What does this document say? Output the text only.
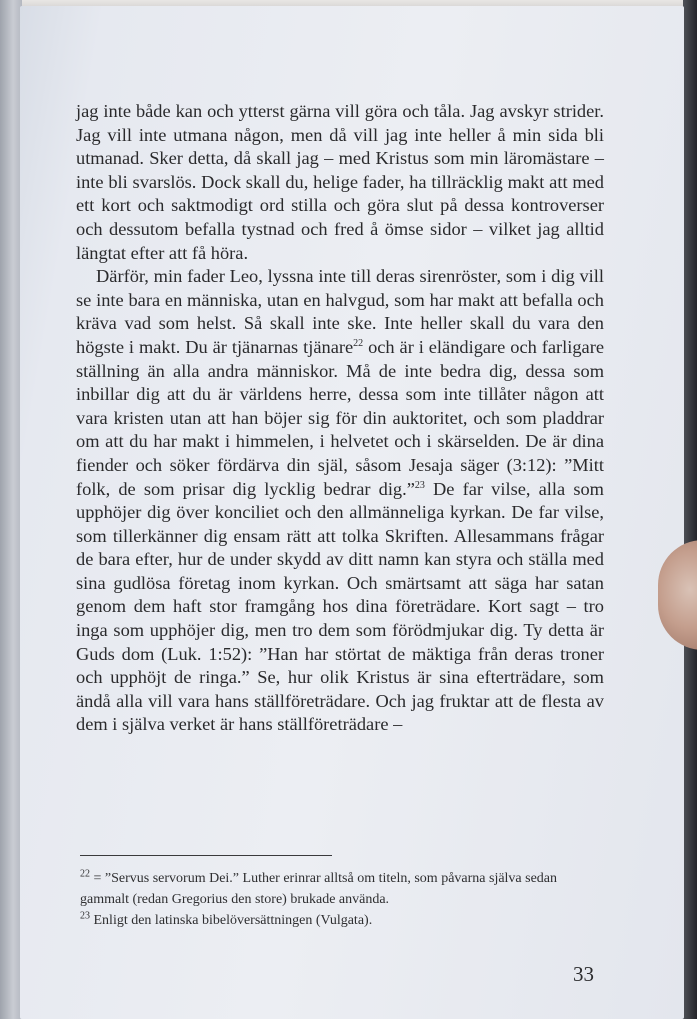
jag inte både kan och ytterst gärna vill göra och tåla. Jag avskyr strider. Jag vill inte utmana någon, men då vill jag inte heller å min sida bli utmanad. Sker detta, då skall jag – med Kristus som min läromästare – inte bli svarslös. Dock skall du, helige fader, ha tillräcklig makt att med ett kort och saktmodigt ord stilla och göra slut på dessa kontroverser och dessutom befalla tystnad och fred å ömse sidor – vilket jag alltid längtat efter att få höra.

Därför, min fader Leo, lyssna inte till deras sirenröster, som i dig vill se inte bara en människa, utan en halvgud, som har makt att befalla och kräva vad som helst. Så skall inte ske. Inte heller skall du vara den högste i makt. Du är tjänarnas tjänare$^{22}$ och är i eländigare och farligare ställning än alla andra människor. Må de inte bedra dig, dessa som inbillar dig att du är världens herre, dessa som inte tillåter någon att vara kristen utan att han böjer sig för din auktoritet, och som pladdrar om att du har makt i himmelen, i helvetet och i skärselden. De är dina fiender och söker fördärva din själ, såsom Jesaja säger (3:12): ”Mitt folk, de som prisar dig lycklig bedrar dig.”$^{23}$ De far vilse, alla som upphöjer dig över konciliet och den allmänneliga kyrkan. De far vilse, som tillerkänner dig ensam rätt att tolka Skriften. Allesammans frågar de bara efter, hur de under skydd av ditt namn kan styra och ställa med sina gudlösa företag inom kyrkan. Och smärtsamt att säga har satan genom dem haft stor framgång hos dina företrädare. Kort sagt – tro inga som upphöjer dig, men tro dem som förödmjukar dig. Ty detta är Guds dom (Luk. 1:52): ”Han har störtat de mäktiga från deras troner och upphöjt de ringa.” Se, hur olik Kristus är sina efterträdare, som ändå alla vill vara hans ställföreträdare. Och jag fruktar att de flesta av dem i själva verket är hans ställföreträdare –

$^{22}$ = ”Servus servorum Dei.” Luther erinrar alltså om titeln, som påvarna själva sedan gammalt (redan Gregorius den store) brukade använda.

$^{23}$ Enligt den latinska bibelöversättningen (Vulgata).

33
